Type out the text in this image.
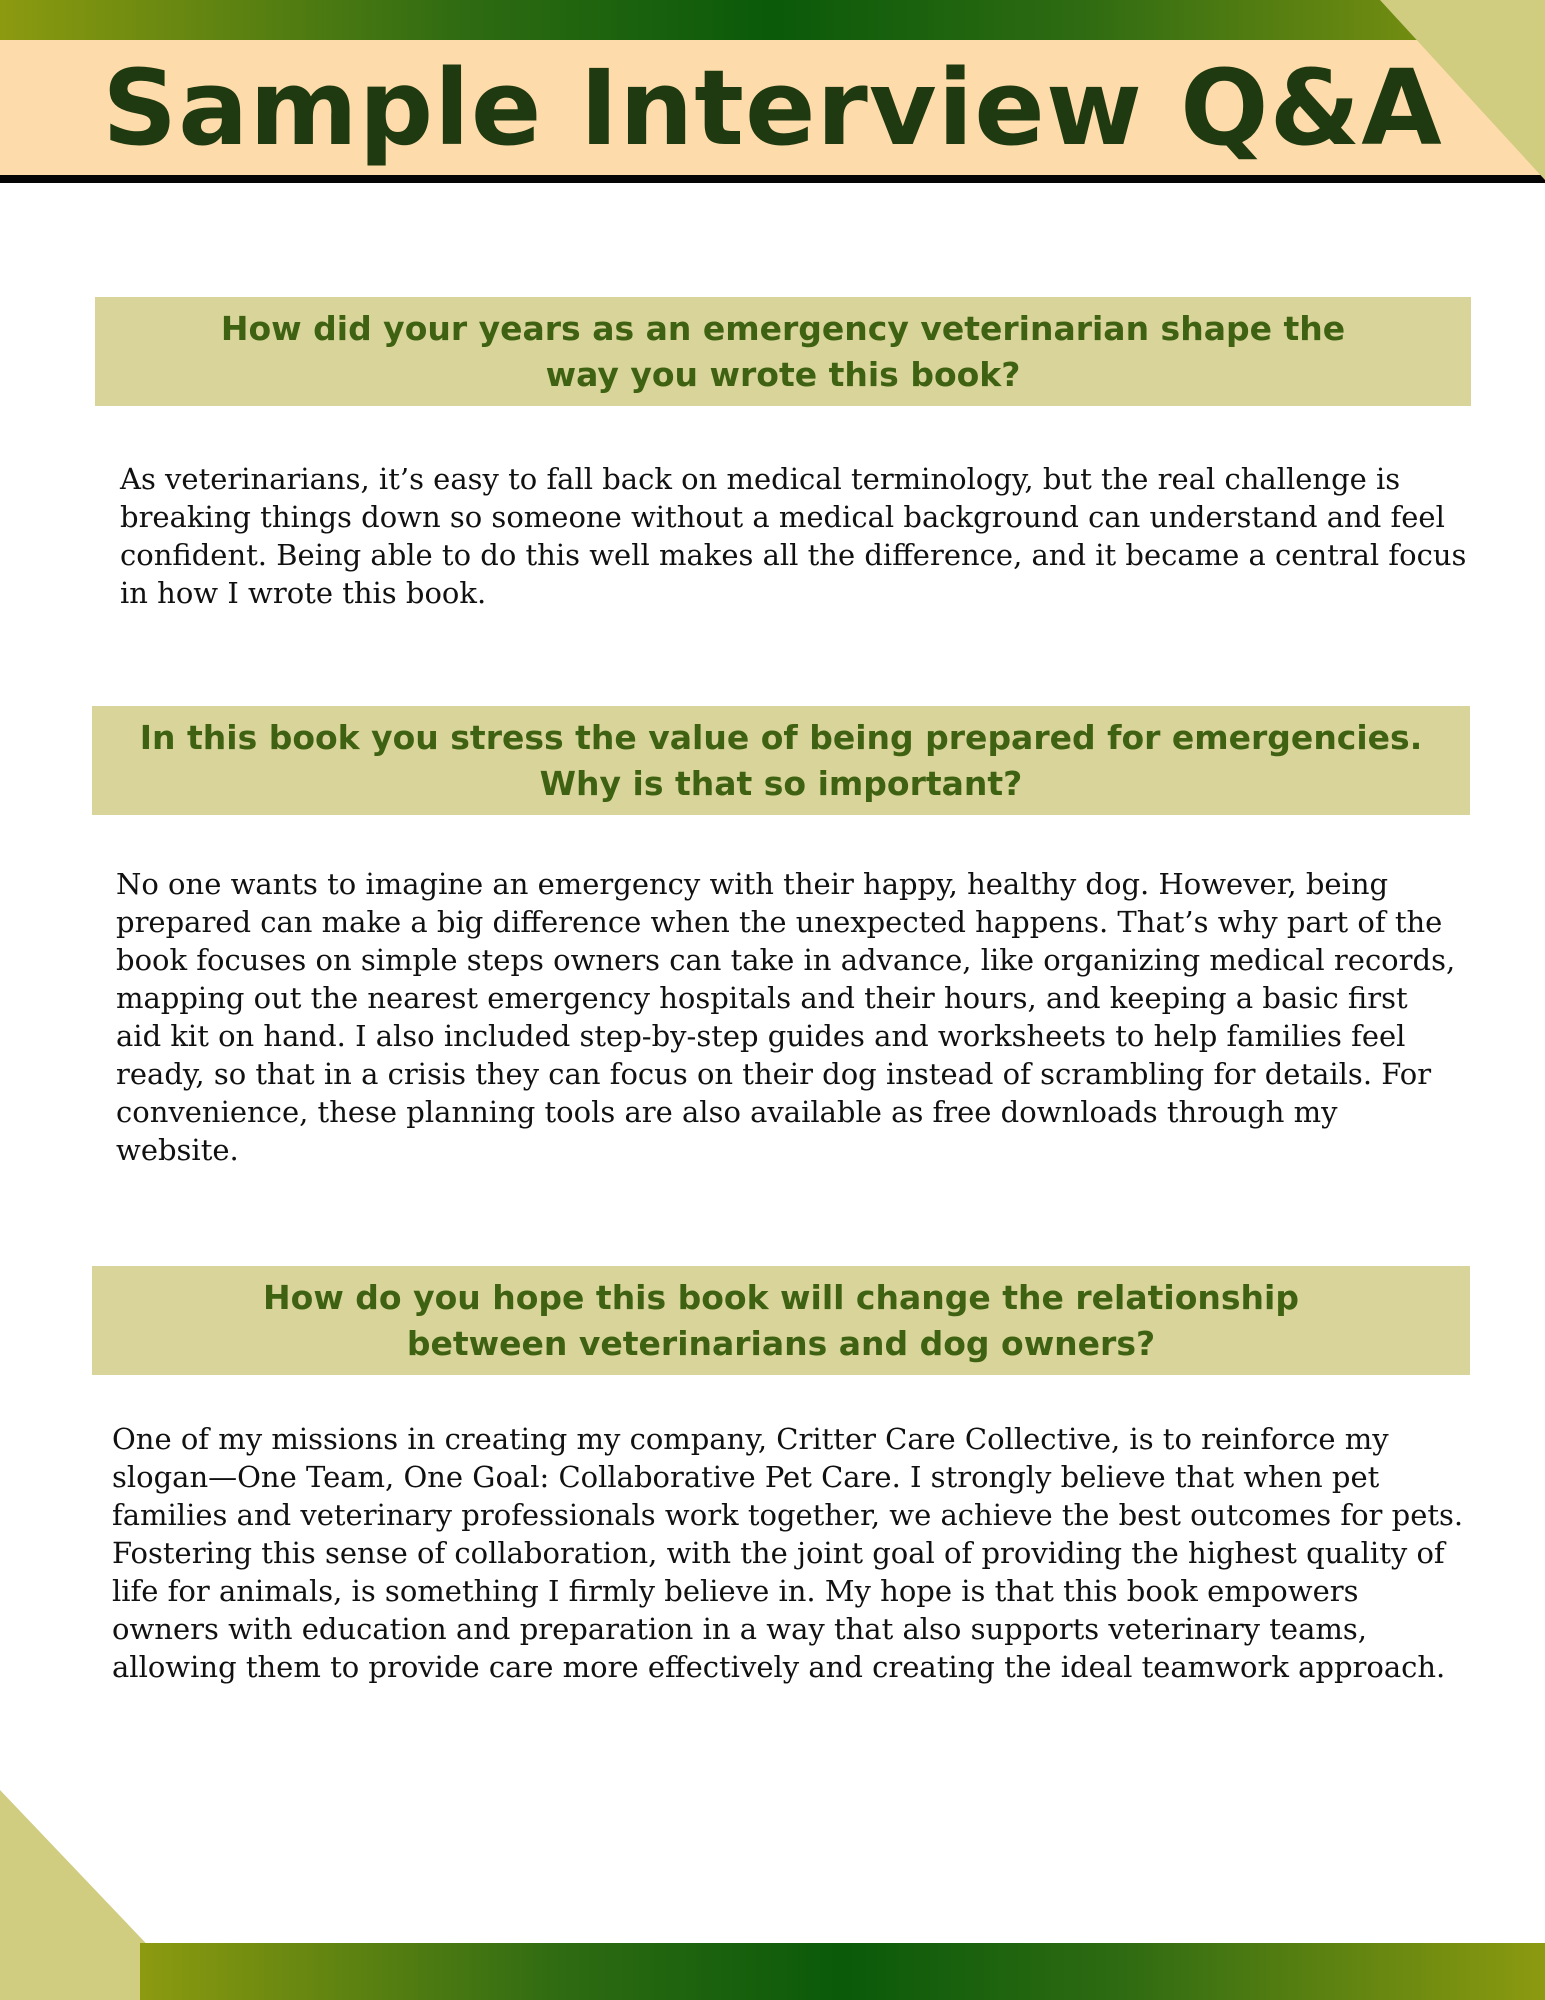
Sample Interview Q&A

How did your years as an emergency veterinarian shape the way you wrote this book?

As veterinarians, it’s easy to fall back on medical terminology, but the real challenge is breaking things down so someone without a medical background can understand and feel confident. Being able to do this well makes all the difference, and it became a central focus in how I wrote this book.

In this book you stress the value of being prepared for emergencies. Why is that so important?

No one wants to imagine an emergency with their happy, healthy dog. However, being prepared can make a big difference when the unexpected happens. That’s why part of the book focuses on simple steps owners can take in advance, like organizing medical records, mapping out the nearest emergency hospitals and their hours, and keeping a basic first aid kit on hand. I also included step-by-step guides and worksheets to help families feel ready, so that in a crisis they can focus on their dog instead of scrambling for details. For convenience, these planning tools are also available as free downloads through my website.

How do you hope this book will change the relationship between veterinarians and dog owners?

One of my missions in creating my company, Critter Care Collective, is to reinforce my slogan—One Team, One Goal: Collaborative Pet Care. I strongly believe that when pet families and veterinary professionals work together, we achieve the best outcomes for pets. Fostering this sense of collaboration, with the joint goal of providing the highest quality of life for animals, is something I firmly believe in. My hope is that this book empowers owners with education and preparation in a way that also supports veterinary teams, allowing them to provide care more effectively and creating the ideal teamwork approach.
